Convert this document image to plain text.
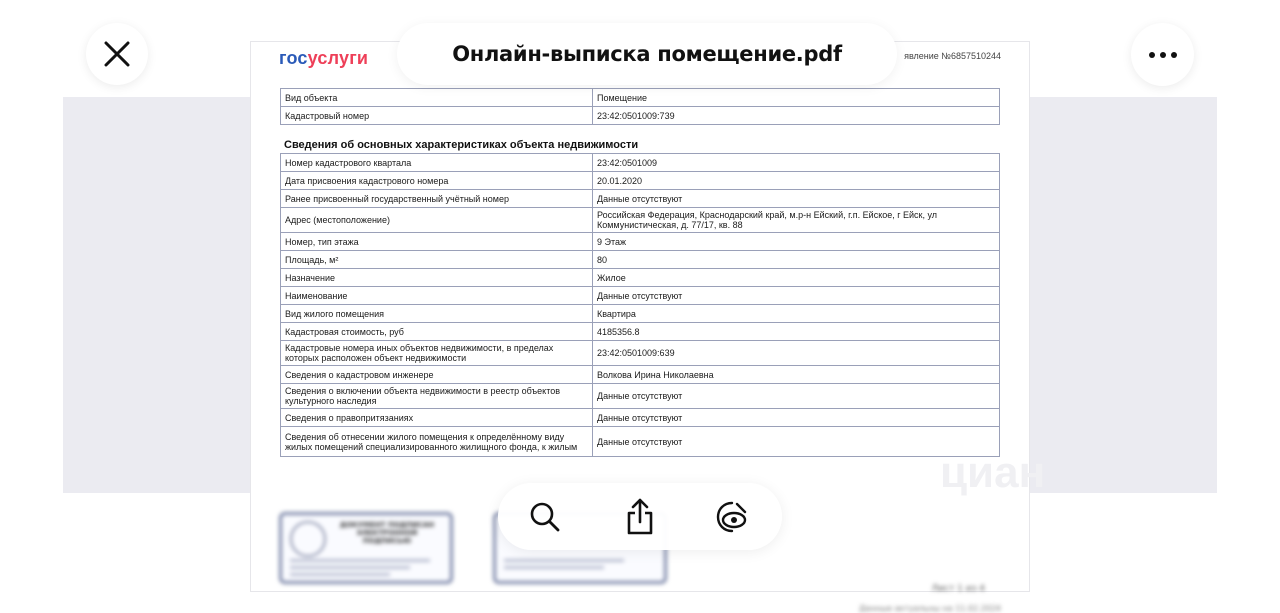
госуслуги	явление №6857510244
Вид объекта	Помещение
Кадастровый номер	23:42:0501009:739
Сведения об основных характеристиках объекта недвижимости
Номер кадастрового квартала	23:42:0501009
Дата присвоения кадастрового номера	20.01.2020
Ранее присвоенный государственный учётный номер	Данные отсутствуют
Адрес (местоположение)	Российская Федерация, Краснодарский край, м.р-н Ейский, г.п. Ейское, г Ейск, ул Коммунистическая, д. 77/17, кв. 88
Номер, тип этажа	9 Этаж
Площадь, м²	80
Назначение	Жилое
Наименование	Данные отсутствуют
Вид жилого помещения	Квартира
Кадастровая стоимость, руб	4185356.8
Кадастровые номера иных объектов недвижимости, в пределах которых расположен объект недвижимости	23:42:0501009:639
Сведения о кадастровом инженере	Волкова Ирина Николаевна
Сведения о включении объекта недвижимости в реестр объектов культурного наследия	Данные отсутствуют
Сведения о правопритязаниях	Данные отсутствуют
Сведения об отнесении жилого помещения к определённому виду жилых помещений специализированного жилищного фонда, к жилым	Данные отсутствуют
ДОКУМЕНТ ПОДПИСАН ЭЛЕКТРОННОЙ ПОДПИСЬЮ
Лист 1 из 4
Данные актуальны на 11.02.2024
циан
Онлайн-выписка помещение.pdf
